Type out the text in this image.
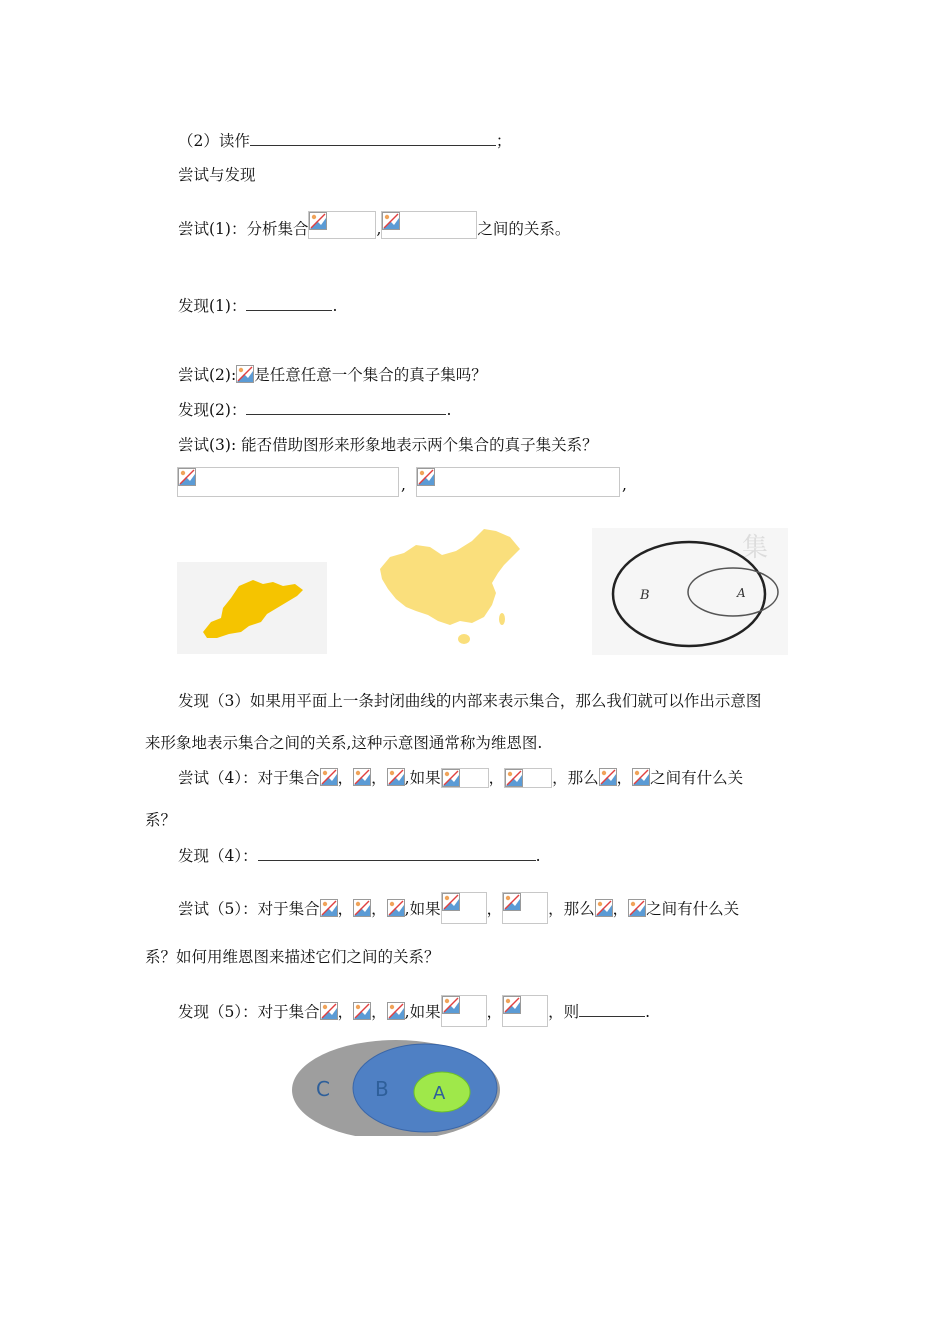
（2）读作	；
尝试与发现
尝试(1)：分析集合	,	之间的关系。
发现(1)：	.
尝试(2): 是任意任意一个集合的真子集吗？
发现(2)：	.
尝试(3): 能否借助图形来形象地表示两个集合的真子集关系？
,	,
集
B	A
发现（3）如果用平面上一条封闭曲线的内部来表示集合，那么我们就可以作出示意图
来形象地表示集合之间的关系,这种示意图通常称为维恩图.
尝试（4）：对于集合 ， ， ,如果	，	，那么 ， 之间有什么关
系？
发现（4）：	.
尝试（5）：对于集合 ， ， ,如果	，	，那么 ， 之间有什么关
系？如何用维恩图来描述它们之间的关系？
发现（5）：对于集合 ， ， ,如果	，	，则	.
C B A
